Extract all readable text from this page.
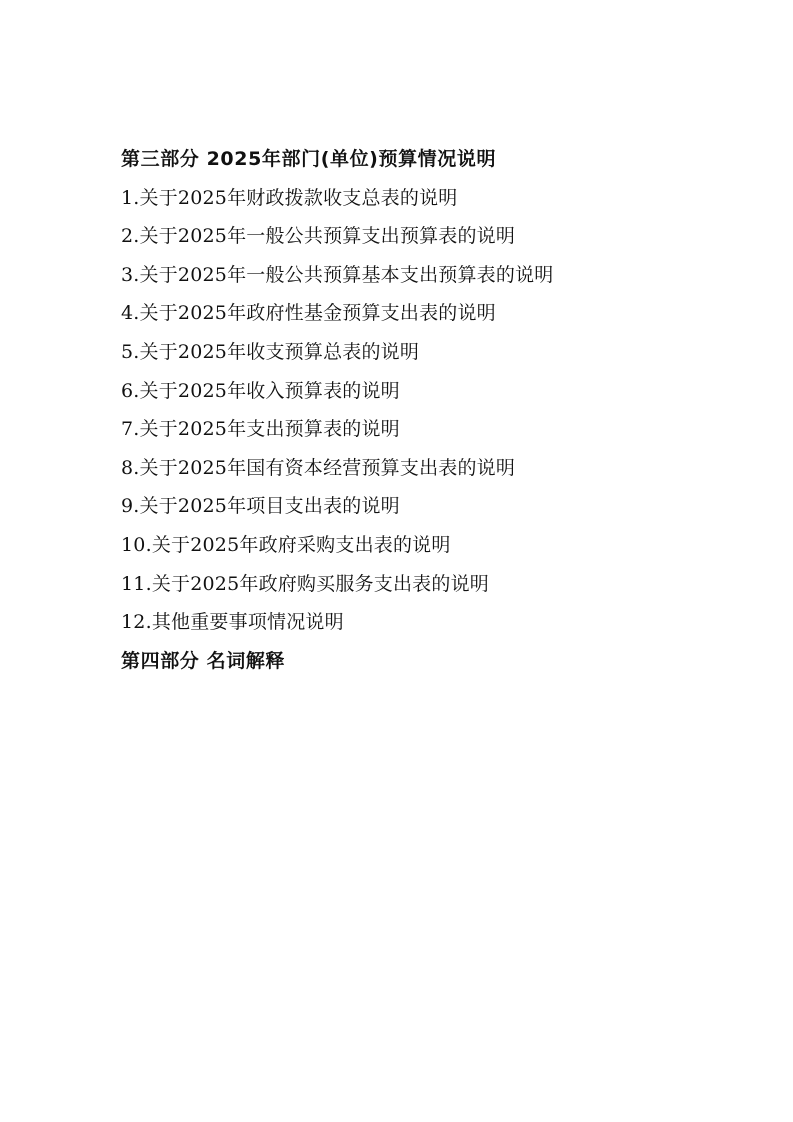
第三部分 2025年部门(单位)预算情况说明
1.关于2025年财政拨款收支总表的说明
2.关于2025年一般公共预算支出预算表的说明
3.关于2025年一般公共预算基本支出预算表的说明
4.关于2025年政府性基金预算支出表的说明
5.关于2025年收支预算总表的说明
6.关于2025年收入预算表的说明
7.关于2025年支出预算表的说明
8.关于2025年国有资本经营预算支出表的说明
9.关于2025年项目支出表的说明
10.关于2025年政府采购支出表的说明
11.关于2025年政府购买服务支出表的说明
12.其他重要事项情况说明
第四部分 名词解释
